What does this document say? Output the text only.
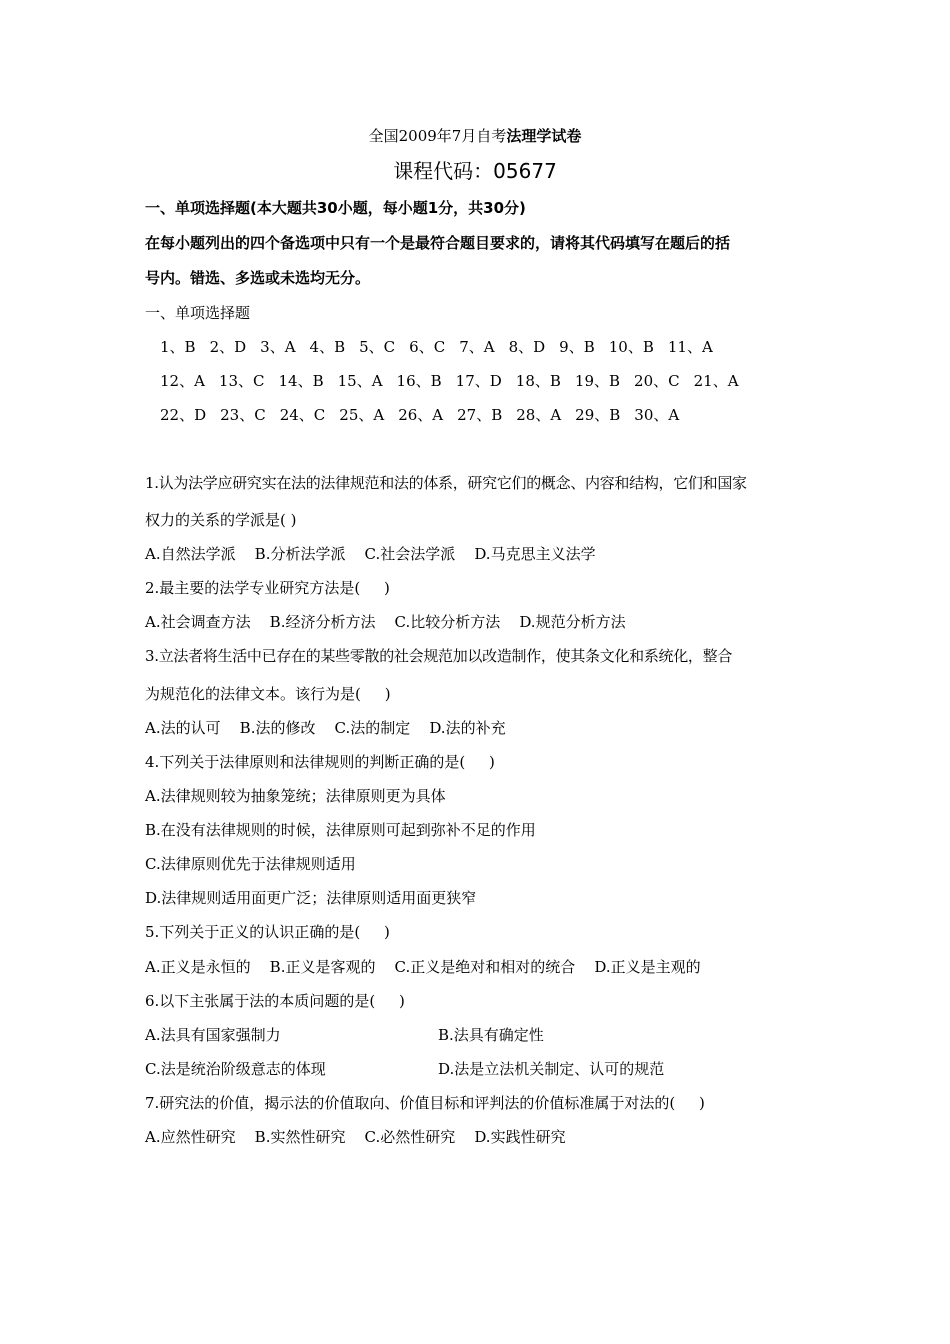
全国2009年7月自考法理学试卷
课程代码：05677
一、单项选择题(本大题共30小题，每小题1分，共30分)
在每小题列出的四个备选项中只有一个是最符合题目要求的，请将其代码填写在题后的括
号内。错选、多选或未选均无分。
一、单项选择题
1、B 2、D 3、A 4、B 5、C 6、C 7、A 8、D 9、B 10、B 11、A
12、A 13、C 14、B 15、A 16、B 17、D 18、B 19、B 20、C 21、A
22、D 23、C 24、C 25、A 26、A 27、B 28、A 29、B 30、A
1.认为法学应研究实在法的法律规范和法的体系，研究它们的概念、内容和结构，它们和国家
权力的关系的学派是( )
A.自然法学派    B.分析法学派    C.社会法学派    D.马克思主义法学
2.最主要的法学专业研究方法是(     )
A.社会调查方法    B.经济分析方法    C.比较分析方法    D.规范分析方法
3.立法者将生活中已存在的某些零散的社会规范加以改造制作，使其条文化和系统化，整合
为规范化的法律文本。该行为是(     )
A.法的认可    B.法的修改    C.法的制定    D.法的补充
4.下列关于法律原则和法律规则的判断正确的是(     )
A.法律规则较为抽象笼统；法律原则更为具体
B.在没有法律规则的时候，法律原则可起到弥补不足的作用
C.法律原则优先于法律规则适用
D.法律规则适用面更广泛；法律原则适用面更狭窄
5.下列关于正义的认识正确的是(     )
A.正义是永恒的    B.正义是客观的    C.正义是绝对和相对的统合    D.正义是主观的
6.以下主张属于法的本质问题的是(     )
A.法具有国家强制力	B.法具有确定性
C.法是统治阶级意志的体现	D.法是立法机关制定、认可的规范
7.研究法的价值，揭示法的价值取向、价值目标和评判法的价值标准属于对法的(     )
A.应然性研究    B.实然性研究    C.必然性研究    D.实践性研究
